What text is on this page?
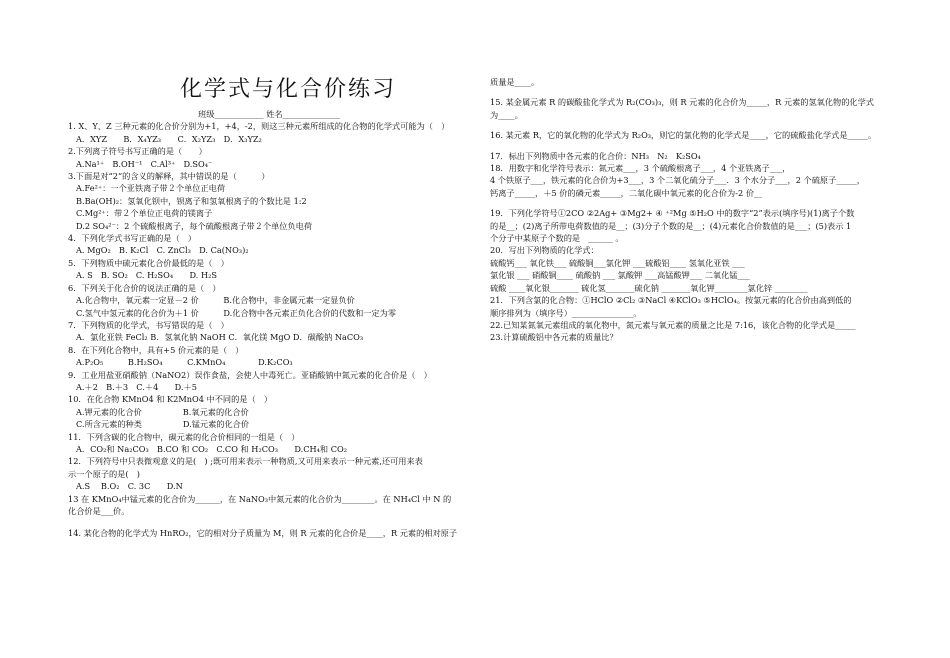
化学式与化合价练习
班级____________ 姓名______________
1. X、Y、Z 三种元素的化合价分别为+1，+4，-2，则这三种元素所组成的化合物的化学式可能为（　）
A．XYZ　　B．X₄YZ₃　　C．X₂YZ₃　D．X₃YZ₂
2.下列离子符号书写正确的是（　　）
A.Na¹⁺　B.OH⁻¹　C.Al³⁺　D.SO₄⁻
3.下面是对“2”的含义的解释，其中错误的是（　　　）
A.Fe²⁺：一个亚铁离子带２个单位正电荷
B.Ba(OH)₂：氢氧化钡中，钡离子和氢氧根离子的个数比是 1:2
C.Mg²⁺：带２个单位正电荷的镁离子
D.2 SO₄²⁻：2 个硫酸根离子，每个硫酸根离子带２个单位负电荷
4．下列化学式书写正确的是（　）
A. MgO₂　B. K₂Cl　C. ZnCl₃　D. Ca(NO₃)₂
5．下列物质中硫元素化合价最低的是（　）
A. S　B. SO₂　C. H₂SO₄　　D. H₂S
6．下列关于化合价的说法正确的是（　）
A.化合物中，氧元素一定显－2 价　　　B.化合物中，非金属元素一定显负价
C.氢气中氢元素的化合价为＋1 价　　　D.化合物中各元素正负化合价的代数和一定为零
7．下列物质的化学式，书写错误的是（　）
A．氯化亚铁 FeCl₂ B．氢氧化钠 NaOH C．氧化镁 MgO D．碳酸钠 NaCO₃
8．在下列化合物中，具有+5 价元素的是（　）
A.P₂O₅　　　B.H₂SO₄　　　C.KMnO₄　　　　D.K₂CO₃
9．工业用盐亚硝酸钠（NaNO2）误作食盐，会使人中毒死亡。亚硝酸钠中氮元素的化合价是（　）
A.＋2　B.＋3　C.＋4　　D.＋5
10．在化合物 KMnO4 和 K2MnO4 中不同的是（　）
A.钾元素的化合价　　　　　B.氧元素的化合价
C.所含元素的种类　　　　　D.锰元素的化合价
11．下列含碳的化合物中，碳元素的化合价相同的一组是（　）
A．CO₂和 Na₂CO₃　B.CO 和 CO₂　C.CO 和 H₂CO₃　　D.CH₄和 CO₂
12．下列符号中只表微观意义的是(　) ;既可用来表示一种物质,又可用来表示一种元素,还可用来表
示一个原子的是(　)
A.S　 B.O₂　C. 3C　　D.N
13 在 KMnO₄中锰元素的化合价为______，在 NaNO₃中氮元素的化合价为________。在 NH₄Cl 中 N 的
化合价是___价。
14. 某化合物的化学式为 HnRO₂，它的相对分子质量为 M，则 R 元素的化合价是____，R 元素的相对原子
质量是____。
15. 某金属元素 R 的碳酸盐化学式为 R₂(CO₃)₃，则 R 元素的化合价为_____，R 元素的氢氧化物的化学式
为____。
16. 某元素 R，它的氧化物的化学式为 R₂O₃，则它的氯化物的化学式是____，它的硫酸盐化学式是_____。
17．标出下列物质中各元素的化合价：NH₃　N₂　K₂SO₄
18．用数字和化学符号表示：氮元素___，3 个硫酸根离子___，4 个亚铁离子___，
4 个铁原子___，铁元素的化合价为+3___，3 个二氧化硫分子___．3 个水分子___，2 个硫原子_____，
钙离子_____，＋5 价的磷元素_____，二氧化碳中氧元素的化合价为-2 价__
19．下列化学符号①2CO ②2Ag+ ③Mg2+ ④ ⁺²Mg ⑤H₂O 中的数字“2”表示(填序号)(1)离子个数
的是__；(2)离子所带电荷数值的是__；(3)分子个数的是__；(4)元素化合价数值的是___；(5)表示 1
个分子中某原子个数的是　______ 。
20．写出下列物质的化学式：
硫酸钙___ 氧化铁___ 硫酸铜___氯化钾 ___硫酸铝____ 氢氧化亚铁 ___
氯化银 ___ 硝酸铜____ 硫酸钠 ___ 氯酸钾 ___高锰酸钾___ 二氧化锰___
硫酸 ____氧化银_______ 硫化氢_______硫化钠 _______氧化钾________氯化锌 ________
21．下列含氯的化合物：①HClO ②Cl₂ ③NaCl ④KClO₃ ⑤HClO₄。按氯元素的化合价由高到低的
顺序排列为（填序号）_______________。
22.已知某氮氧元素组成的氧化物中，氮元素与氧元素的质量之比是 7:16，该化合物的化学式是_____
23.计算硫酸铝中各元素的质量比？
